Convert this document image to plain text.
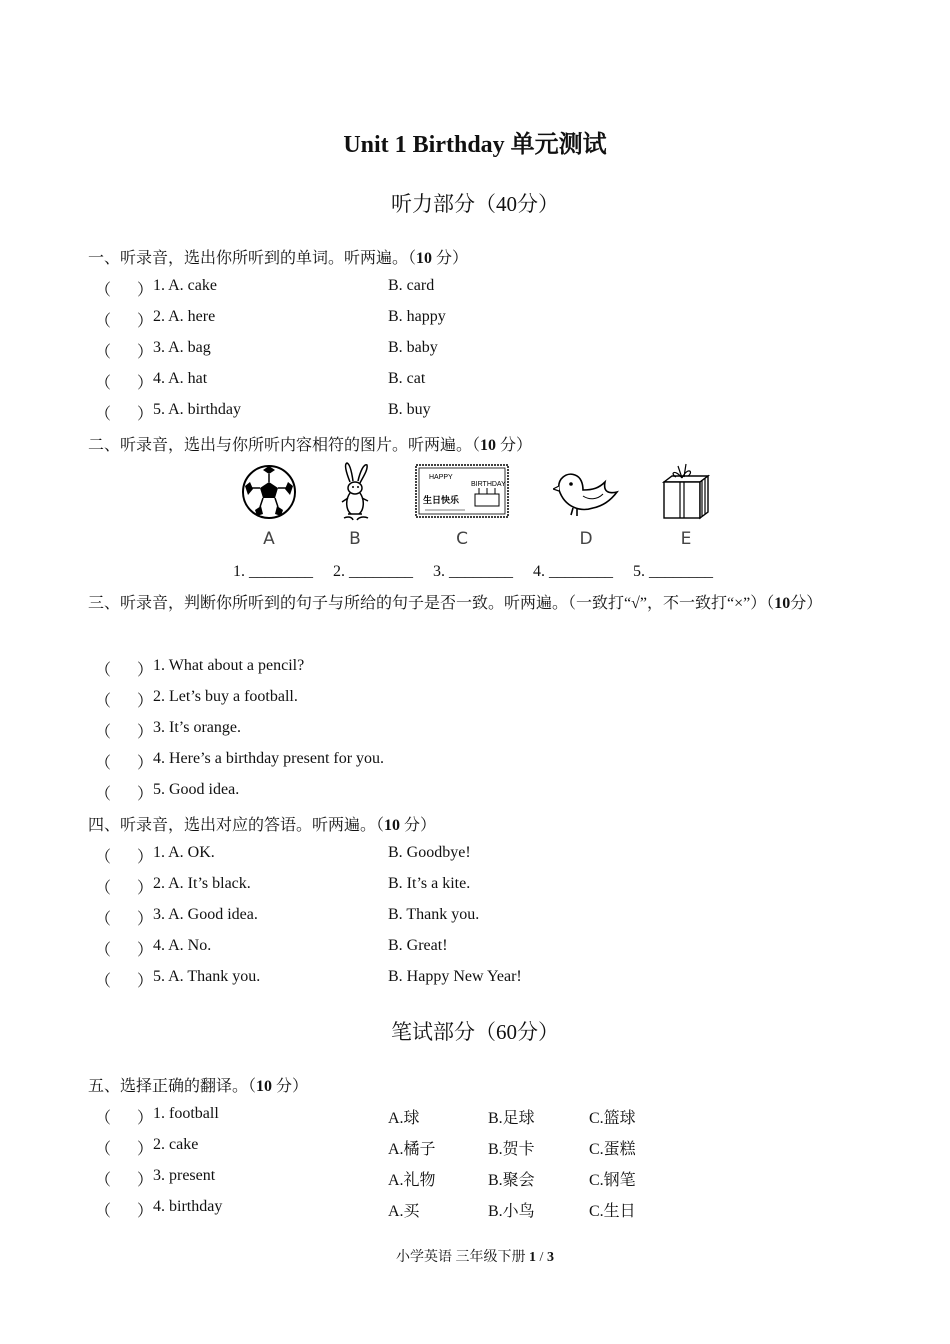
Unit 1 Birthday 单元测试
听力部分（40分）
一、听录音，选出你所听到的单词。听两遍。（10 分）
（ ） 1. A. cake	B. card
（ ） 2. A. here	B. happy
（ ） 3. A. bag	B. baby
（ ） 4. A. hat	B. cat
（ ） 5. A. birthday	B. buy
二、听录音，选出与你所听内容相符的图片。听两遍。（10 分）
HAPPY
BIRTHDAY
生日快乐
A	B	C	D	E
1. ________ 2. ________ 3. ________ 4. ________ 5. ________
三、听录音，判断你所听到的句子与所给的句子是否一致。听两遍。（一致打“√”，不一致打“×”）（10分）
（ ） 1. What about a pencil?
（ ） 2. Let’s buy a football.
（ ） 3. It’s orange.
（ ） 4. Here’s a birthday present for you.
（ ） 5. Good idea.
四、听录音，选出对应的答语。听两遍。（10 分）
（ ） 1. A. OK.	B. Goodbye!
（ ） 2. A. It’s black.	B. It’s a kite.
（ ） 3. A. Good idea.	B. Thank you.
（ ） 4. A. No.	B. Great!
（ ） 5. A. Thank you.	B. Happy New Year!
笔试部分（60分）
五、选择正确的翻译。（10 分）
（ ） 1. football	A.球	B.足球	C.篮球
（ ） 2. cake	A.橘子	B.贺卡	C.蛋糕
（ ） 3. present	A.礼物	B.聚会	C.钢笔
（ ） 4. birthday	A.买	B.小鸟	C.生日
小学英语 三年级下册 1 / 3
